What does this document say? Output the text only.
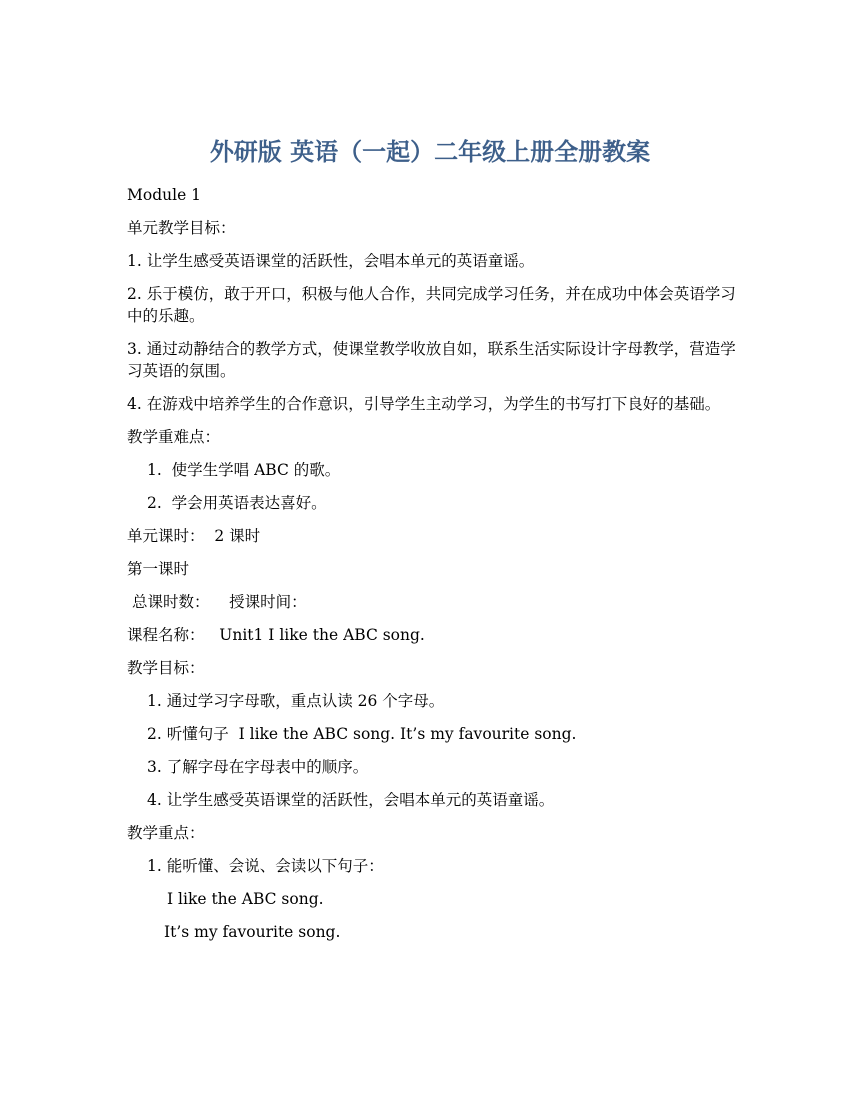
外研版 英语（一起）二年级上册全册教案

Module 1

单元教学目标：

1. 让学生感受英语课堂的活跃性，会唱本单元的英语童谣。

2. 乐于模仿，敢于开口，积极与他人合作，共同完成学习任务，并在成功中体会英语学习中的乐趣。

3. 通过动静结合的教学方式，使课堂教学收放自如，联系生活实际设计字母教学，营造学习英语的氛围。

4. 在游戏中培养学生的合作意识，引导学生主动学习，为学生的书写打下良好的基础。

教学重难点：

1.  使学生学唱 ABC 的歌。

2.  学会用英语表达喜好。

单元课时：  2 课时

第一课时

总课时数：    授课时间：

课程名称：   Unit1 I like the ABC song.

教学目标：

1. 通过学习字母歌，重点认读 26 个字母。

2. 听懂句子  I like the ABC song. It’s my favourite song.

3. 了解字母在字母表中的顺序。

4. 让学生感受英语课堂的活跃性，会唱本单元的英语童谣。

教学重点：

1. 能听懂、会说、会读以下句子：

I like the ABC song.

It’s my favourite song.
